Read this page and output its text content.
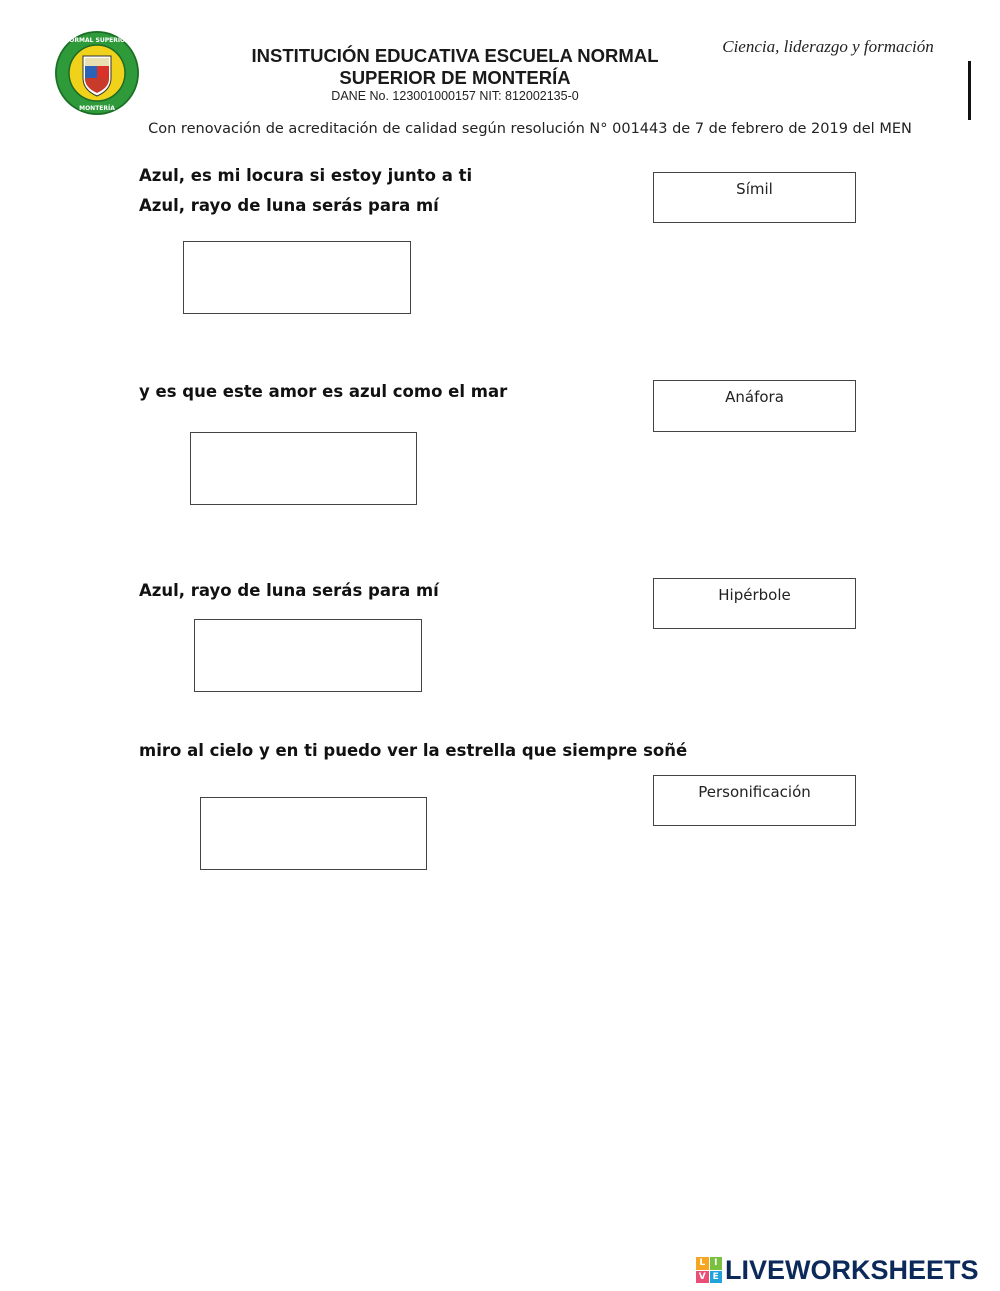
NORMAL SUPERIOR
MONTERÍA
INSTITUCIÓN EDUCATIVA ESCUELA NORMAL
SUPERIOR DE MONTERÍA
DANE No. 123001000157 NIT: 812002135-0
Ciencia, liderazgo y formación
Con renovación de acreditación de calidad según resolución N° 001443 de 7 de febrero de 2019 del MEN
Azul, es mi locura si estoy junto a ti
Azul, rayo de luna serás para mí
y es que este amor es azul como el mar
Azul, rayo de luna serás para mí
miro al cielo y en ti puedo ver la estrella que siempre soñé
Símil
Anáfora
Hipérbole
Personificación
L I
V E LIVEWORKSHEETS
